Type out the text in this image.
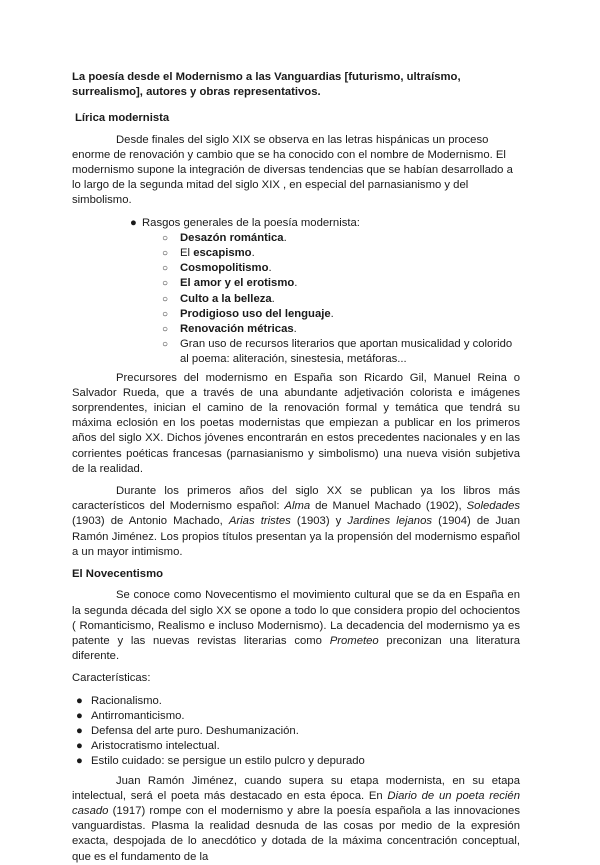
La poesía desde el Modernismo a las Vanguardias [futurismo, ultraísmo, surrealismo], autores y obras representativos.

Lírica modernista

Desde finales del siglo XIX se observa en las letras hispánicas un proceso enorme de renovación y cambio que se ha conocido con el nombre de Modernismo. El modernismo supone la integración de diversas tendencias que se habían desarrollado a lo largo de la segunda mitad del siglo XIX , en especial del parnasianismo y del simbolismo.

● Rasgos generales de la poesía modernista:
○ Desazón romántica.
○ El escapismo.
○ Cosmopolitismo.
○ El amor y el erotismo.
○ Culto a la belleza.
○ Prodigioso uso del lenguaje.
○ Renovación métricas.
○ Gran uso de recursos literarios que aportan musicalidad y colorido al poema: aliteración, sinestesia, metáforas...

Precursores del modernismo en España son Ricardo Gil, Manuel Reina o Salvador Rueda, que a través de una abundante adjetivación colorista e imágenes sorprendentes, inician el camino de la renovación formal y temática que tendrá su máxima eclosión en los poetas modernistas que empiezan a publicar en los primeros años del siglo XX. Dichos jóvenes encontrarán en estos precedentes nacionales y en las corrientes poéticas francesas (parnasianismo y simbolismo) una nueva visión subjetiva de la realidad.

Durante los primeros años del siglo XX se publican ya los libros más característicos del Modernismo español: Alma de Manuel Machado (1902), Soledades (1903) de Antonio Machado, Arias tristes (1903) y Jardines lejanos (1904) de Juan Ramón Jiménez. Los propios títulos presentan ya la propensión del modernismo español a un mayor intimismo.

El Novecentismo

Se conoce como Novecentismo el movimiento cultural que se da en España en la segunda década del siglo XX se opone a todo lo que considera propio del ochocientos ( Romanticismo, Realismo e incluso Modernismo). La decadencia del modernismo ya es patente y las nuevas revistas literarias como Prometeo preconizan una literatura diferente.

Características:

● Racionalismo.
● Antirromanticismo.
● Defensa del arte puro. Deshumanización.
● Aristocratismo intelectual.
● Estilo cuidado: se persigue un estilo pulcro y depurado

Juan Ramón Jiménez, cuando supera su etapa modernista, en su etapa intelectual, será el poeta más destacado en esta época. En Diario de un poeta recién casado (1917) rompe con el modernismo y abre la poesía española a las innovaciones vanguardistas. Plasma la realidad desnuda de las cosas por medio de la expresión exacta, despojada de lo anecdótico y dotada de la máxima concentración conceptual, que es el fundamento de la
